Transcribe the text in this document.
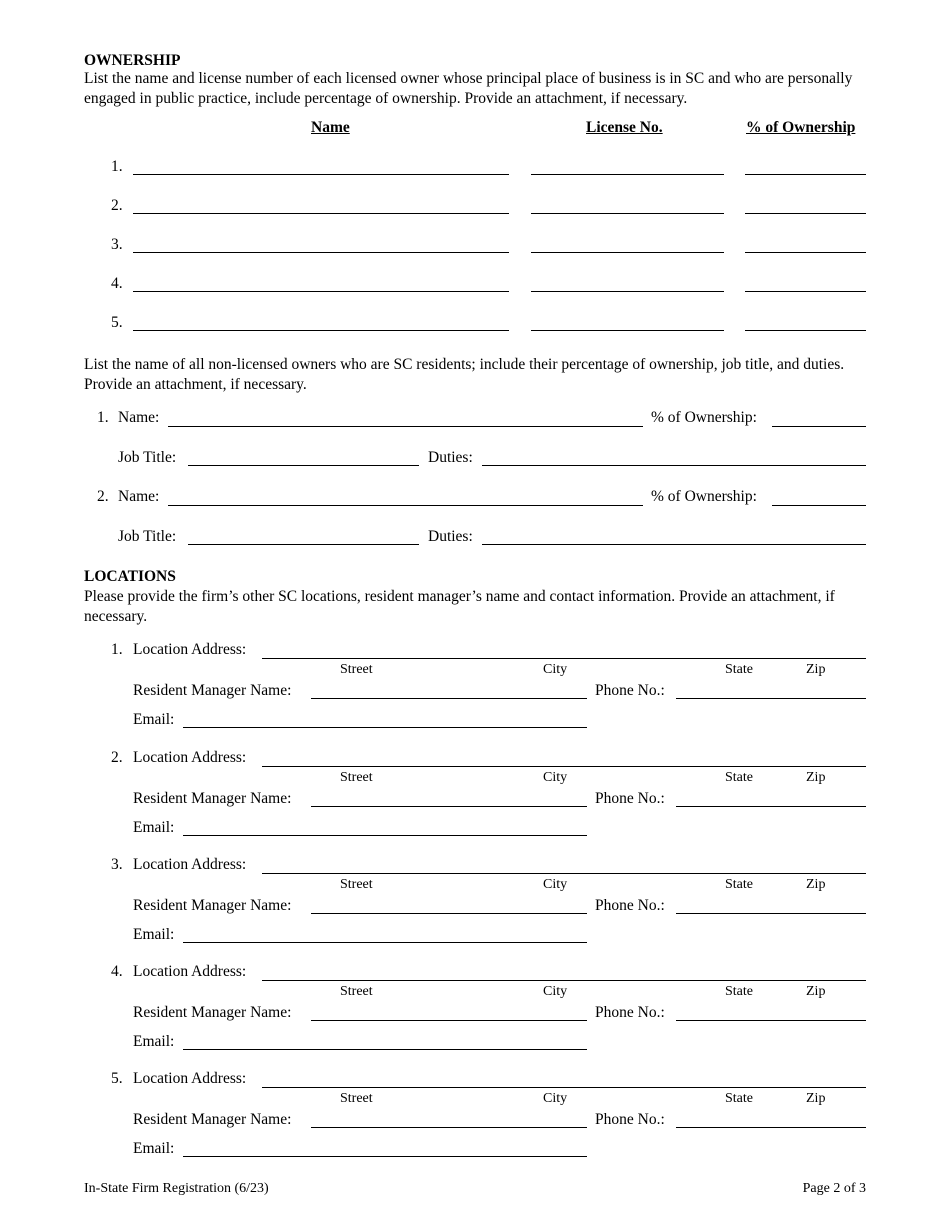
OWNERSHIP
List the name and license number of each licensed owner whose principal place of business is in SC and who are personally engaged in public practice, include percentage of ownership. Provide an attachment, if necessary.
Name	License No.	% of Ownership
1.
2.
3.
4.
5.
List the name of all non-licensed owners who are SC residents; include their percentage of ownership, job title, and duties. Provide an attachment, if necessary.
1. Name:	% of Ownership:
Job Title:	Duties:
2. Name:	% of Ownership:
Job Title:	Duties:
LOCATIONS
Please provide the firm’s other SC locations, resident manager’s name and contact information. Provide an attachment, if necessary.
1. Location Address:
Street	City	State	Zip
Resident Manager Name:	Phone No.:
Email:
2. Location Address:
Street	City	State	Zip
Resident Manager Name:	Phone No.:
Email:
3. Location Address:
Street	City	State	Zip
Resident Manager Name:	Phone No.:
Email:
4. Location Address:
Street	City	State	Zip
Resident Manager Name:	Phone No.:
Email:
5. Location Address:
Street	City	State	Zip
Resident Manager Name:	Phone No.:
Email:
In-State Firm Registration (6/23)	Page 2 of 3
